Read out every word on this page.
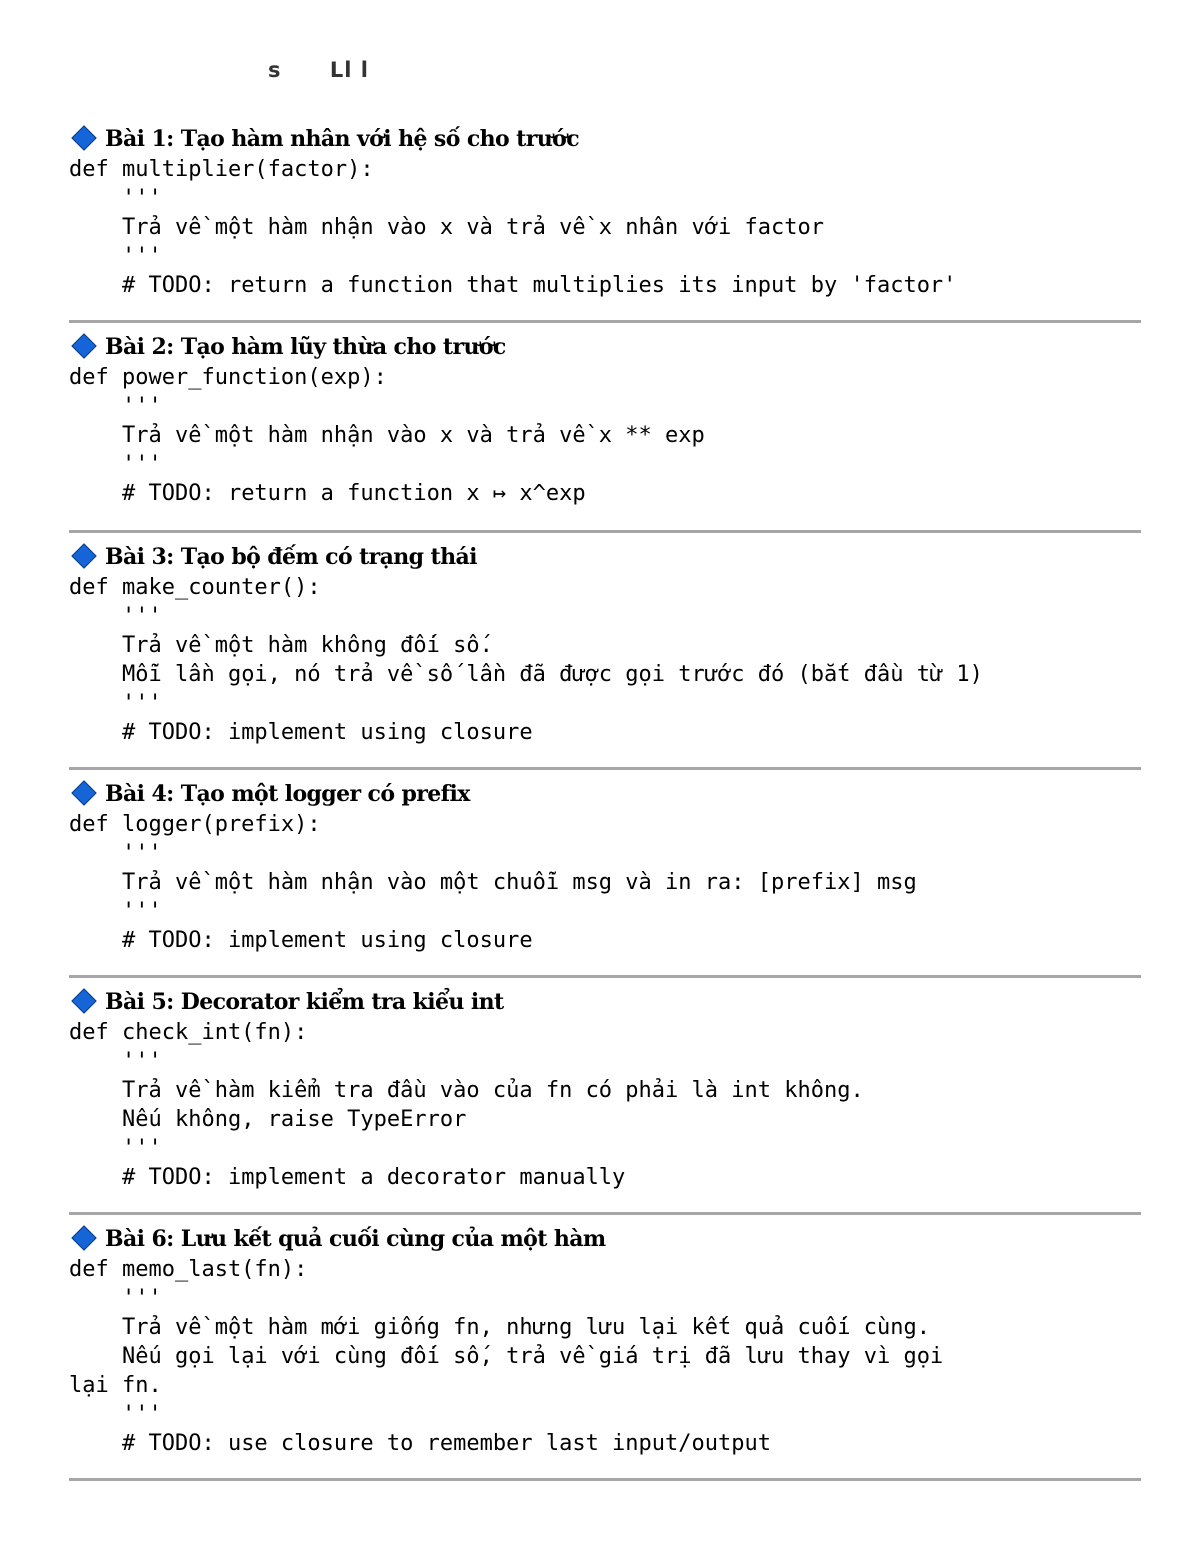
s Ll l
Bài 1: Tạo hàm nhân với hệ số cho trước
def multiplier(factor):
'''
Trả về một hàm nhận vào x và trả về x nhân với factor
'''
# TODO: return a function that multiplies its input by 'factor'
Bài 2: Tạo hàm lũy thừa cho trước
def power_function(exp):
'''
Trả về một hàm nhận vào x và trả về x ** exp
'''
# TODO: return a function x ↦ x^exp
Bài 3: Tạo bộ đếm có trạng thái
def make_counter():
'''
Trả về một hàm không đối số.
Mỗi lần gọi, nó trả về số lần đã được gọi trước đó (bắt đầu từ 1)
'''
# TODO: implement using closure
Bài 4: Tạo một logger có prefix
def logger(prefix):
'''
Trả về một hàm nhận vào một chuỗi msg và in ra: [prefix] msg
'''
# TODO: implement using closure
Bài 5: Decorator kiểm tra kiểu int
def check_int(fn):
'''
Trả về hàm kiểm tra đầu vào của fn có phải là int không.
Nếu không, raise TypeError
'''
# TODO: implement a decorator manually
Bài 6: Lưu kết quả cuối cùng của một hàm
def memo_last(fn):
'''
Trả về một hàm mới giống fn, nhưng lưu lại kết quả cuối cùng.
Nếu gọi lại với cùng đối số, trả về giá trị đã lưu thay vì gọi
lại fn.
'''
# TODO: use closure to remember last input/output
